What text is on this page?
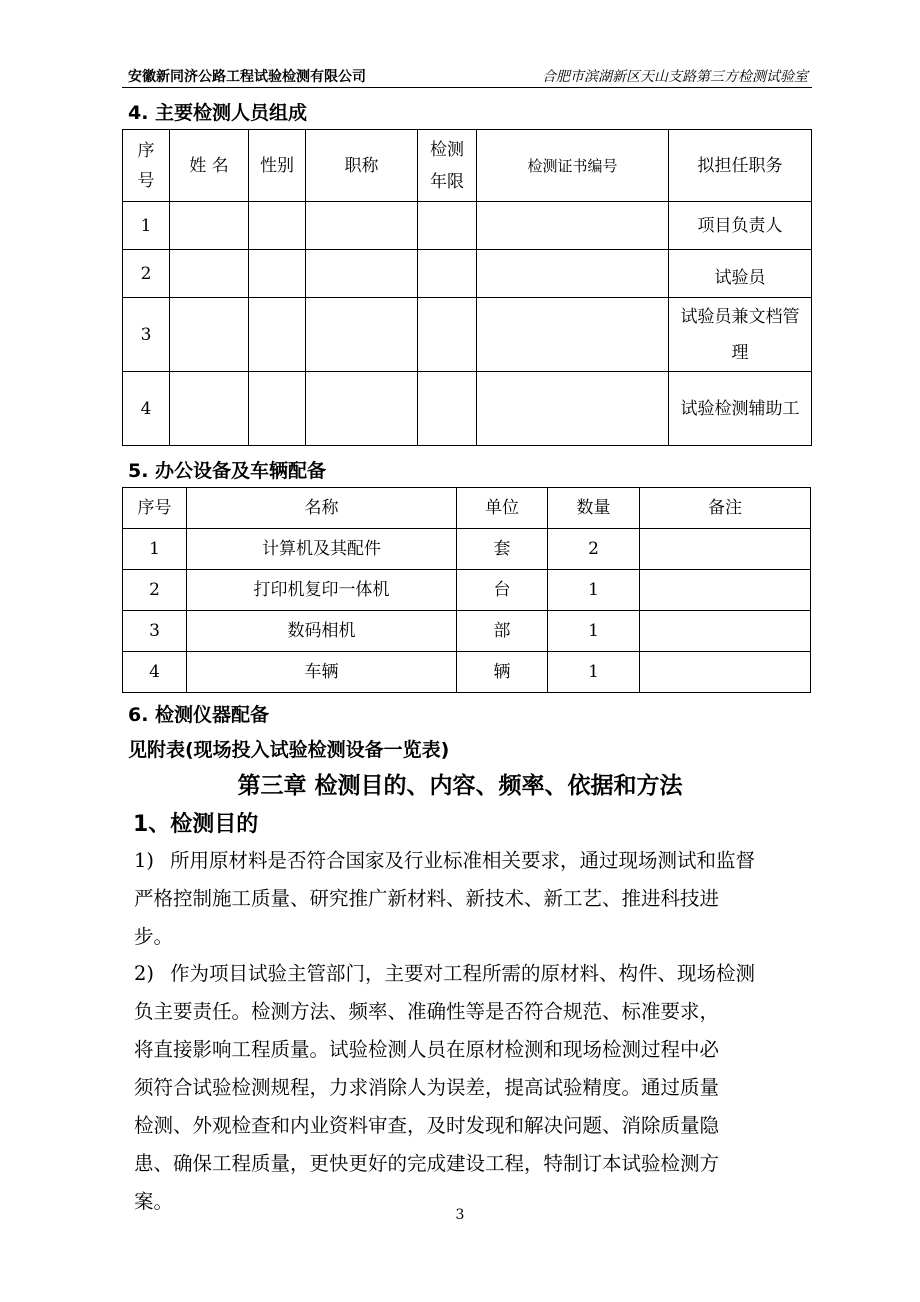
安徽新同济公路工程试验检测有限公司	合肥市滨湖新区天山支路第三方检测试验室
4. 主要检测人员组成
序号	姓 名	性别	职称	检测年限	检测证书编号	拟担任职务
1						项目负责人
2						试验员
3						试验员兼文档管理

4						试验检测辅助工
5. 办公设备及车辆配备
序号	名称	单位	数量	备注
1	计算机及其配件	套	2	
2	打印机复印一体机	台	1	
3	数码相机	部	1	
4	车辆	辆	1	
6. 检测仪器配备
见附表(现场投入试验检测设备一览表)
第三章 检测目的、内容、频率、依据和方法
1、检测目的
1) 所用原材料是否符合国家及行业标准相关要求，通过现场测试和监督
严格控制施工质量、研究推广新材料、新技术、新工艺、推进科技进
步。
2) 作为项目试验主管部门，主要对工程所需的原材料、构件、现场检测
负主要责任。检测方法、频率、准确性等是否符合规范、标准要求，
将直接影响工程质量。试验检测人员在原材检测和现场检测过程中必
须符合试验检测规程，力求消除人为误差，提高试验精度。通过质量
检测、外观检查和内业资料审查，及时发现和解决问题、消除质量隐
患、确保工程质量，更快更好的完成建设工程，特制订本试验检测方
案。
3
